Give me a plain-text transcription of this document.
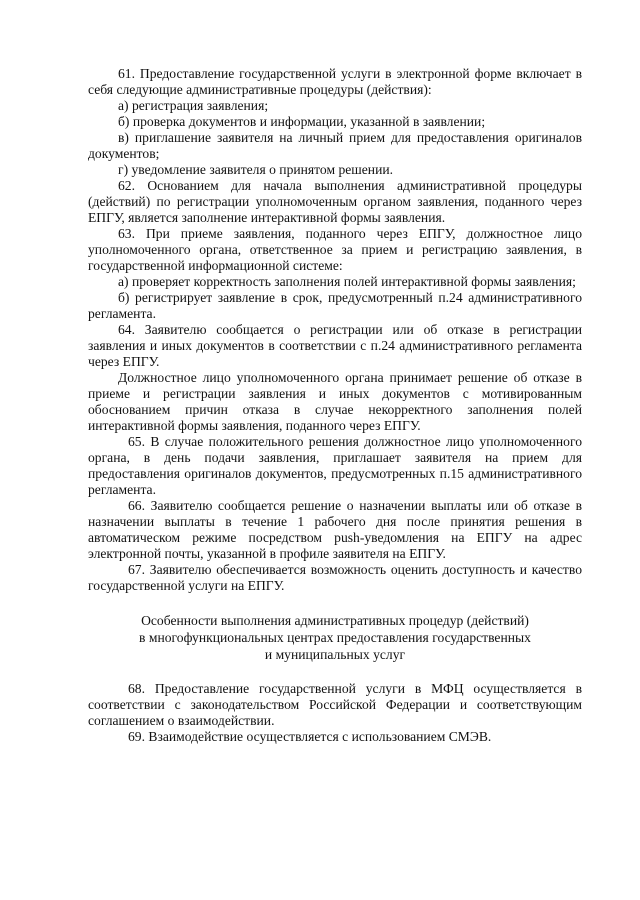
61. Предоставление государственной услуги в электронной форме включает в себя следующие административные процедуры (действия):

а) регистрация заявления;

б) проверка документов и информации, указанной в заявлении;

в) приглашение заявителя на личный прием для предоставления оригиналов документов;

г) уведомление заявителя о принятом решении.

62. Основанием для начала выполнения административной процедуры (действий) по регистрации уполномоченным органом заявления, поданного через ЕПГУ, является заполнение интерактивной формы заявления.

63. При приеме заявления, поданного через ЕПГУ, должностное лицо уполномоченного органа, ответственное за прием и регистрацию заявления, в государственной информационной системе:

а) проверяет корректность заполнения полей интерактивной формы заявления;

б) регистрирует заявление в срок, предусмотренный п.24 административного регламента.

64. Заявителю сообщается о регистрации или об отказе в регистрации заявления и иных документов в соответствии с п.24 административного регламента через ЕПГУ.

Должностное лицо уполномоченного органа принимает решение об отказе в приеме и регистрации заявления и иных документов с мотивированным обоснованием причин отказа в случае некорректного заполнения полей интерактивной формы заявления, поданного через ЕПГУ.

65. В случае положительного решения должностное лицо уполномоченного органа, в день подачи заявления, приглашает заявителя на прием для предоставления оригиналов документов, предусмотренных п.15 административного регламента.

66. Заявителю сообщается решение о назначении выплаты или об отказе в назначении выплаты в течение 1 рабочего дня после принятия решения в автоматическом режиме посредством push-уведомления на ЕПГУ на адрес электронной почты, указанной в профиле заявителя на ЕПГУ.

67. Заявителю обеспечивается возможность оценить доступность и качество государственной услуги на ЕПГУ.

Особенности выполнения административных процедур (действий)
в многофункциональных центрах предоставления государственных
и муниципальных услуг

68. Предоставление государственной услуги в МФЦ осуществляется в соответствии с законодательством Российской Федерации и соответствующим соглашением о взаимодействии.

69. Взаимодействие осуществляется с использованием СМЭВ.
